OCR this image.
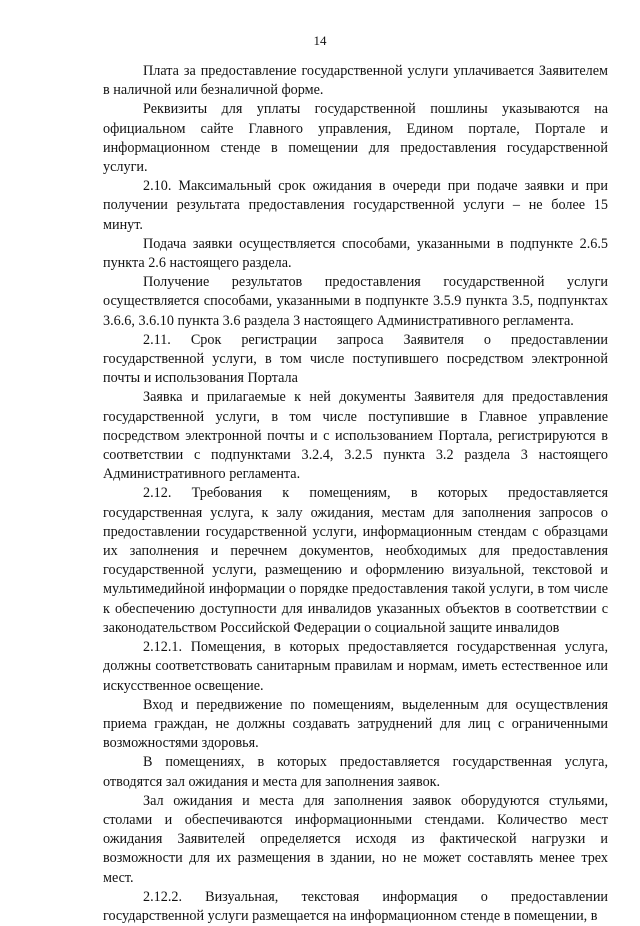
14

Плата за предоставление государственной услуги уплачивается Заявителем в наличной или безналичной форме.

Реквизиты для уплаты государственной пошлины указываются на официальном сайте Главного управления, Едином портале, Портале и информационном стенде в помещении для предоставления государственной услуги.

2.10. Максимальный срок ожидания в очереди при подаче заявки и при получении результата предоставления государственной услуги – не более 15 минут.

Подача заявки осуществляется способами, указанными в подпункте 2.6.5 пункта 2.6 настоящего раздела.

Получение результатов предоставления государственной услуги осуществляется способами, указанными в подпункте 3.5.9 пункта 3.5, подпунктах 3.6.6, 3.6.10 пункта 3.6 раздела 3 настоящего Административного регламента.

2.11. Срок регистрации запроса Заявителя о предоставлении государственной услуги, в том числе поступившего посредством электронной почты и использования Портала

Заявка и прилагаемые к ней документы Заявителя для предоставления государственной услуги, в том числе поступившие в Главное управление посредством электронной почты и с использованием Портала, регистрируются в соответствии с подпунктами 3.2.4, 3.2.5 пункта 3.2 раздела 3 настоящего Административного регламента.

2.12. Требования к помещениям, в которых предоставляется государственная услуга, к залу ожидания, местам для заполнения запросов о предоставлении государственной услуги, информационным стендам с образцами их заполнения и перечнем документов, необходимых для предоставления государственной услуги, размещению и оформлению визуальной, текстовой и мультимедийной информации о порядке предоставления такой услуги, в том числе к обеспечению доступности для инвалидов указанных объектов в соответствии с законодательством Российской Федерации о социальной защите инвалидов

2.12.1. Помещения, в которых предоставляется государственная услуга, должны соответствовать санитарным правилам и нормам, иметь естественное или искусственное освещение.

Вход и передвижение по помещениям, выделенным для осуществления приема граждан, не должны создавать затруднений для лиц с ограниченными возможностями здоровья.

В помещениях, в которых предоставляется государственная услуга, отводятся зал ожидания и места для заполнения заявок.

Зал ожидания и места для заполнения заявок оборудуются стульями, столами и обеспечиваются информационными стендами. Количество мест ожидания Заявителей определяется исходя из фактической нагрузки и возможности для их размещения в здании, но не может составлять менее трех мест.

2.12.2. Визуальная, текстовая информация о предоставлении государственной услуги размещается на информационном стенде в помещении, в
